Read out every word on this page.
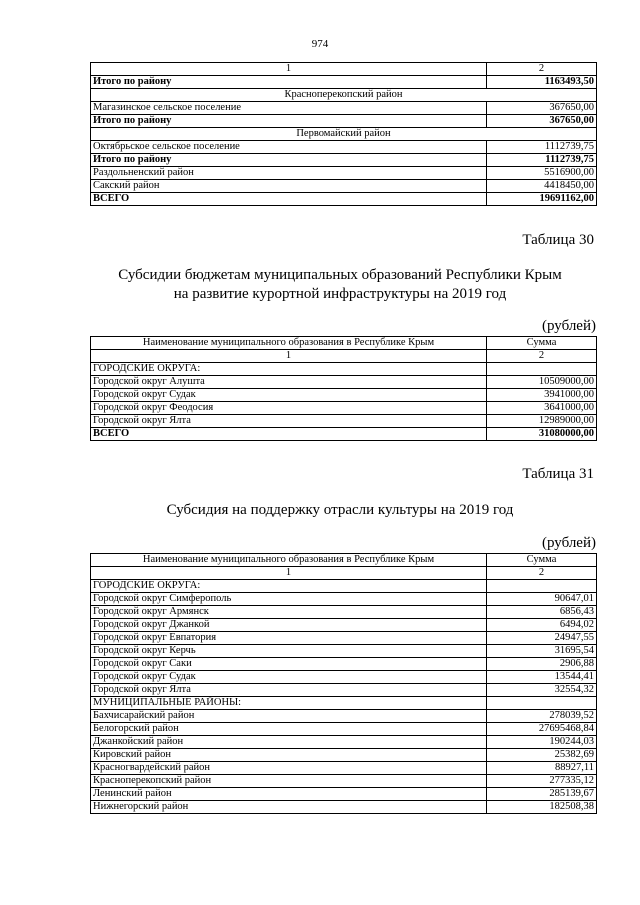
974
1	2
Итого по району	1163493,50
Красноперекопский район	
Магазинское сельское поселение	367650,00
Итого по району	367650,00
Первомайский район	
Октябрьское сельское поселение	1112739,75
Итого по району	1112739,75
Раздольненский район	5516900,00
Сакский район	4418450,00
ВСЕГО	19691162,00
Таблица 30
Субсидии бюджетам муниципальных образований Республики Крым
на развитие курортной инфраструктуры на 2019 год
(рублей)
Наименование муниципального образования в Республике Крым	Сумма
1	2
ГОРОДСКИЕ ОКРУГА:	
Городской округ Алушта	10509000,00
Городской округ Судак	3941000,00
Городской округ Феодосия	3641000,00
Городской округ Ялта	12989000,00
ВСЕГО	31080000,00
Таблица 31
Субсидия на поддержку отрасли культуры на 2019 год
(рублей)
Наименование муниципального образования в Республике Крым	Сумма
1	2
ГОРОДСКИЕ ОКРУГА:	
Городской округ Симферополь	90647,01
Городской округ Армянск	6856,43
Городской округ Джанкой	6494,02
Городской округ Евпатория	24947,55
Городской округ Керчь	31695,54
Городской округ Саки	2906,88
Городской округ Судак	13544,41
Городской округ Ялта	32554,32
МУНИЦИПАЛЬНЫЕ РАЙОНЫ:	
Бахчисарайский район	278039,52
Белогорский район	27695468,84
Джанкойский район	190244,03
Кировский район	25382,69
Красногвардейский район	88927,11
Красноперекопский район	277335,12
Ленинский район	285139,67
Нижнегорский район	182508,38
